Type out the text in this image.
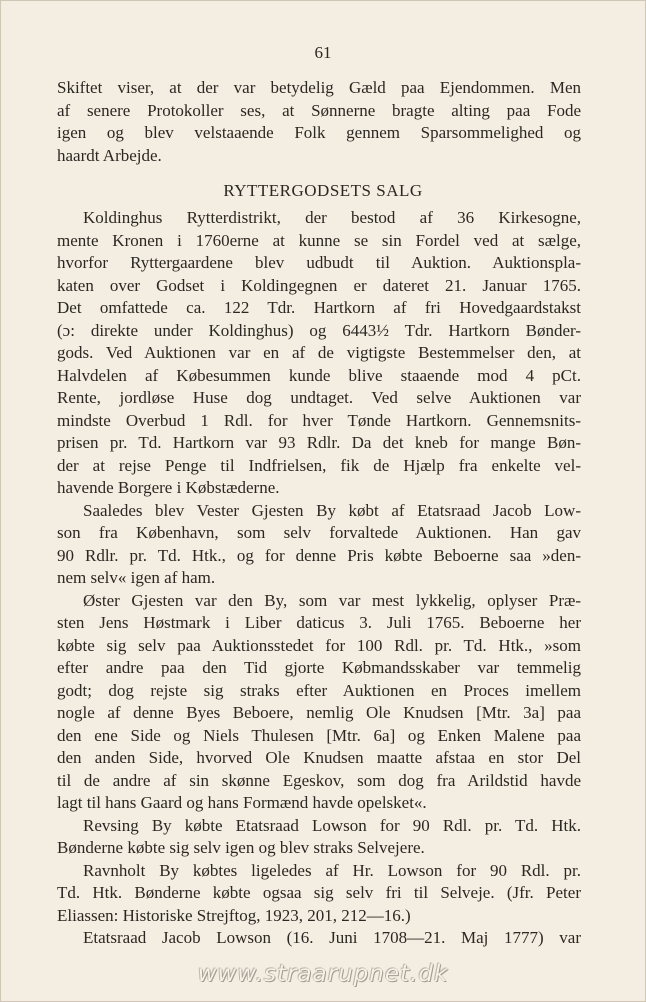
61
Skiftet viser, at der var betydelig Gæld paa Ejendommen. Men
af senere Protokoller ses, at Sønnerne bragte alting paa Fode
igen og blev velstaaende Folk gennem Sparsommelighed og
haardt Arbejde.
RYTTERGODSETS SALG
Koldinghus Rytterdistrikt, der bestod af 36 Kirkesogne,
mente Kronen i 1760erne at kunne se sin Fordel ved at sælge,
hvorfor Ryttergaardene blev udbudt til Auktion. Auktionspla-
katen over Godset i Koldingegnen er dateret 21. Januar 1765.
Det omfattede ca. 122 Tdr. Hartkorn af fri Hovedgaardstakst
(ɔ: direkte under Koldinghus) og 6443½ Tdr. Hartkorn Bønder-
gods. Ved Auktionen var en af de vigtigste Bestemmelser den, at
Halvdelen af Købesummen kunde blive staaende mod 4 pCt.
Rente, jordløse Huse dog undtaget. Ved selve Auktionen var
mindste Overbud 1 Rdl. for hver Tønde Hartkorn. Gennemsnits-
prisen pr. Td. Hartkorn var 93 Rdlr. Da det kneb for mange Bøn-
der at rejse Penge til Indfrielsen, fik de Hjælp fra enkelte vel-
havende Borgere i Købstæderne.
Saaledes blev Vester Gjesten By købt af Etatsraad Jacob Low-
son fra København, som selv forvaltede Auktionen. Han gav
90 Rdlr. pr. Td. Htk., og for denne Pris købte Beboerne saa »den-
nem selv« igen af ham.
Øster Gjesten var den By, som var mest lykkelig, oplyser Præ-
sten Jens Høstmark i Liber daticus 3. Juli 1765. Beboerne her
købte sig selv paa Auktionsstedet for 100 Rdl. pr. Td. Htk., »som
efter andre paa den Tid gjorte Købmandsskaber var temmelig
godt; dog rejste sig straks efter Auktionen en Proces imellem
nogle af denne Byes Beboere, nemlig Ole Knudsen [Mtr. 3a] paa
den ene Side og Niels Thulesen [Mtr. 6a] og Enken Malene paa
den anden Side, hvorved Ole Knudsen maatte afstaa en stor Del
til de andre af sin skønne Egeskov, som dog fra Arildstid havde
lagt til hans Gaard og hans Formænd havde opelsket«.
Revsing By købte Etatsraad Lowson for 90 Rdl. pr. Td. Htk.
Bønderne købte sig selv igen og blev straks Selvejere.
Ravnholt By købtes ligeledes af Hr. Lowson for 90 Rdl. pr.
Td. Htk. Bønderne købte ogsaa sig selv fri til Selveje. (Jfr. Peter
Eliassen: Historiske Strejftog, 1923, 201, 212—16.)
Etatsraad Jacob Lowson (16. Juni 1708—21. Maj 1777) var
www.straarupnet.dk
